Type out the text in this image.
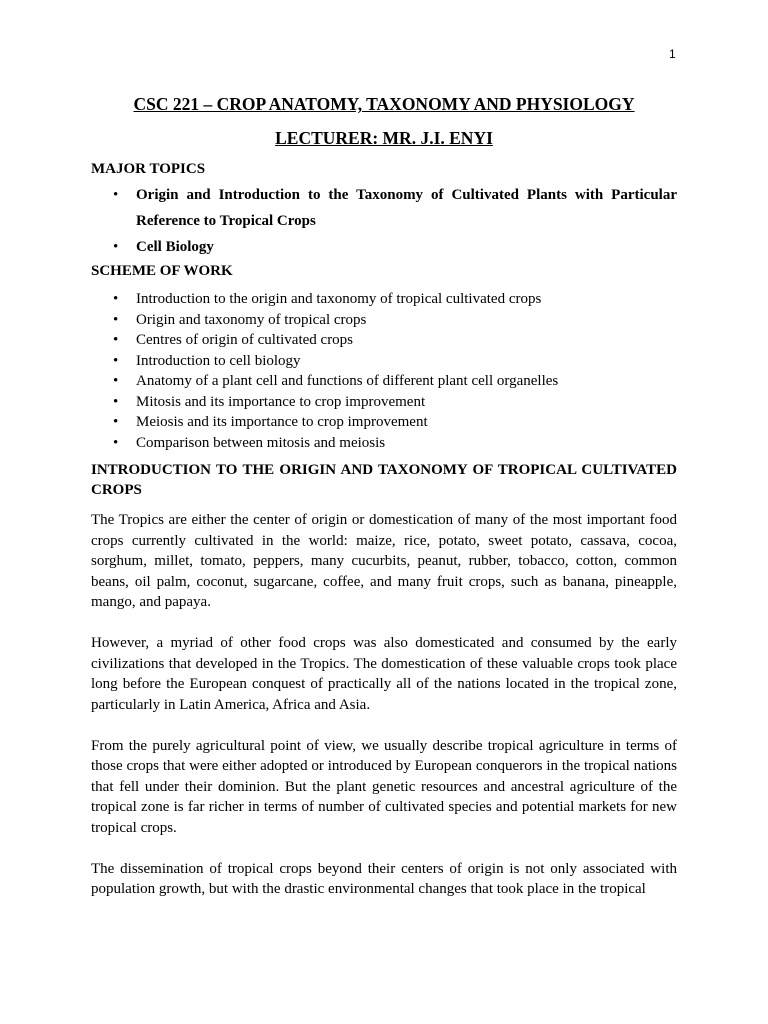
1
CSC 221 – CROP ANATOMY, TAXONOMY AND PHYSIOLOGY
LECTURER: MR. J.I. ENYI
MAJOR TOPICS
• Origin and Introduction to the Taxonomy of Cultivated Plants with Particular Reference to Tropical Crops
• Cell Biology
SCHEME OF WORK
• Introduction to the origin and taxonomy of tropical cultivated crops
• Origin and taxonomy of tropical crops
• Centres of origin of cultivated crops
• Introduction to cell biology
• Anatomy of a plant cell and functions of different plant cell organelles
• Mitosis and its importance to crop improvement
• Meiosis and its importance to crop improvement
• Comparison between mitosis and meiosis
INTRODUCTION TO THE ORIGIN AND TAXONOMY OF TROPICAL CULTIVATED CROPS

The Tropics are either the center of origin or domestication of many of the most important food crops currently cultivated in the world: maize, rice, potato, sweet potato, cassava, cocoa, sorghum, millet, tomato, peppers, many cucurbits, peanut, rubber, tobacco, cotton, common beans, oil palm, coconut, sugarcane, coffee, and many fruit crops, such as banana, pineapple, mango, and papaya.

However, a myriad of other food crops was also domesticated and consumed by the early civilizations that developed in the Tropics. The domestication of these valuable crops took place long before the European conquest of practically all of the nations located in the tropical zone, particularly in Latin America, Africa and Asia.

From the purely agricultural point of view, we usually describe tropical agriculture in terms of those crops that were either adopted or introduced by European conquerors in the tropical nations that fell under their dominion. But the plant genetic resources and ancestral agriculture of the tropical zone is far richer in terms of number of cultivated species and potential markets for new tropical crops.

The dissemination of tropical crops beyond their centers of origin is not only associated with population growth, but with the drastic environmental changes that took place in the tropical
